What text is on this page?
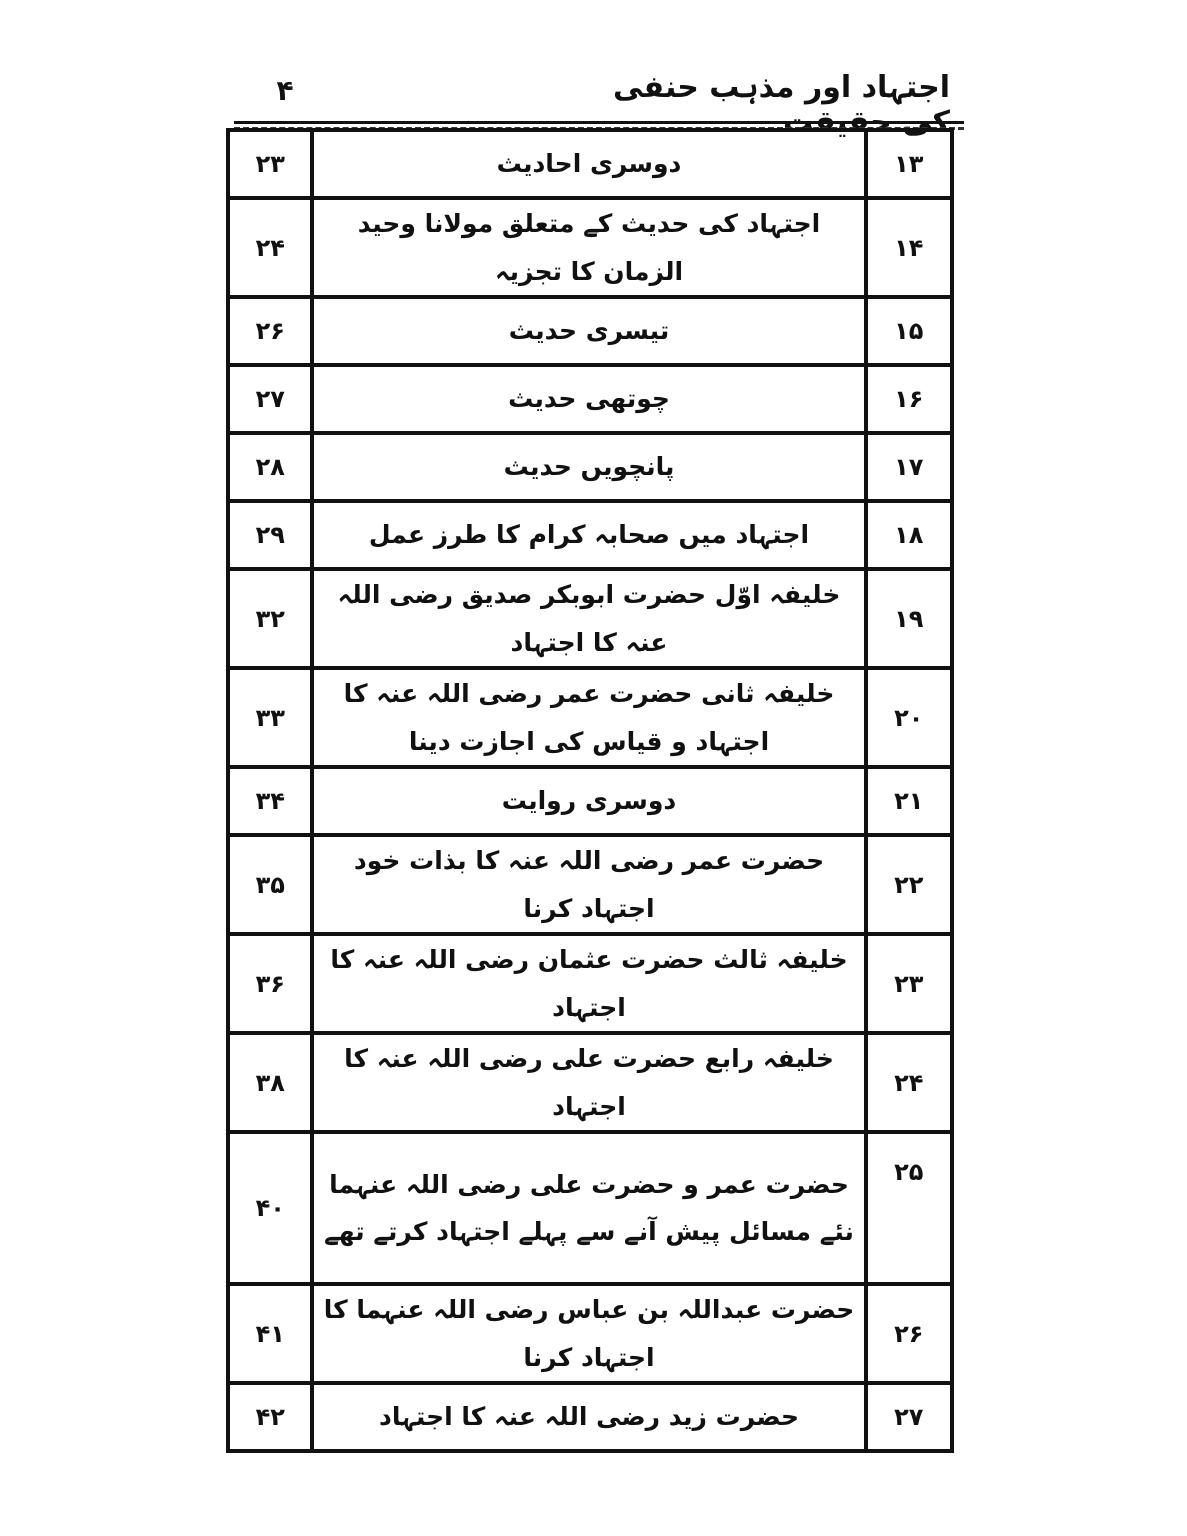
۴	اجتہاد اور مذہب حنفی کی حقیقت
۱۳	دوسری احادیث	۲۳
۱۴	اجتہاد کی حدیث کے متعلق مولانا وحید الزمان کا تجزیہ	۲۴
۱۵	تیسری حدیث	۲۶
۱۶	چوتھی حدیث	۲۷
۱۷	پانچویں حدیث	۲۸
۱۸	اجتہاد میں صحابہ کرام کا طرز عمل	۲۹
۱۹	خلیفہ اوّل حضرت ابوبکر صدیق رضی اللہ عنہ کا اجتہاد	۳۲
۲۰	خلیفہ ثانی حضرت عمر رضی اللہ عنہ کا اجتہاد و قیاس کی اجازت دینا	۳۳
۲۱	دوسری روایت	۳۴
۲۲	حضرت عمر رضی اللہ عنہ کا بذات خود اجتہاد کرنا	۳۵
۲۳	خلیفہ ثالث حضرت عثمان رضی اللہ عنہ کا اجتہاد	۳۶
۲۴	خلیفہ رابع حضرت علی رضی اللہ عنہ کا اجتہاد	۳۸
۲۵	حضرت عمر و حضرت علی رضی اللہ عنہما نئے مسائل پیش آنے سے پہلے اجتہاد کرتے تھے	۴۰
۲۶	حضرت عبداللہ بن عباس رضی اللہ عنہما کا اجتہاد کرنا	۴۱
۲۷	حضرت زید رضی اللہ عنہ کا اجتہاد	۴۲
